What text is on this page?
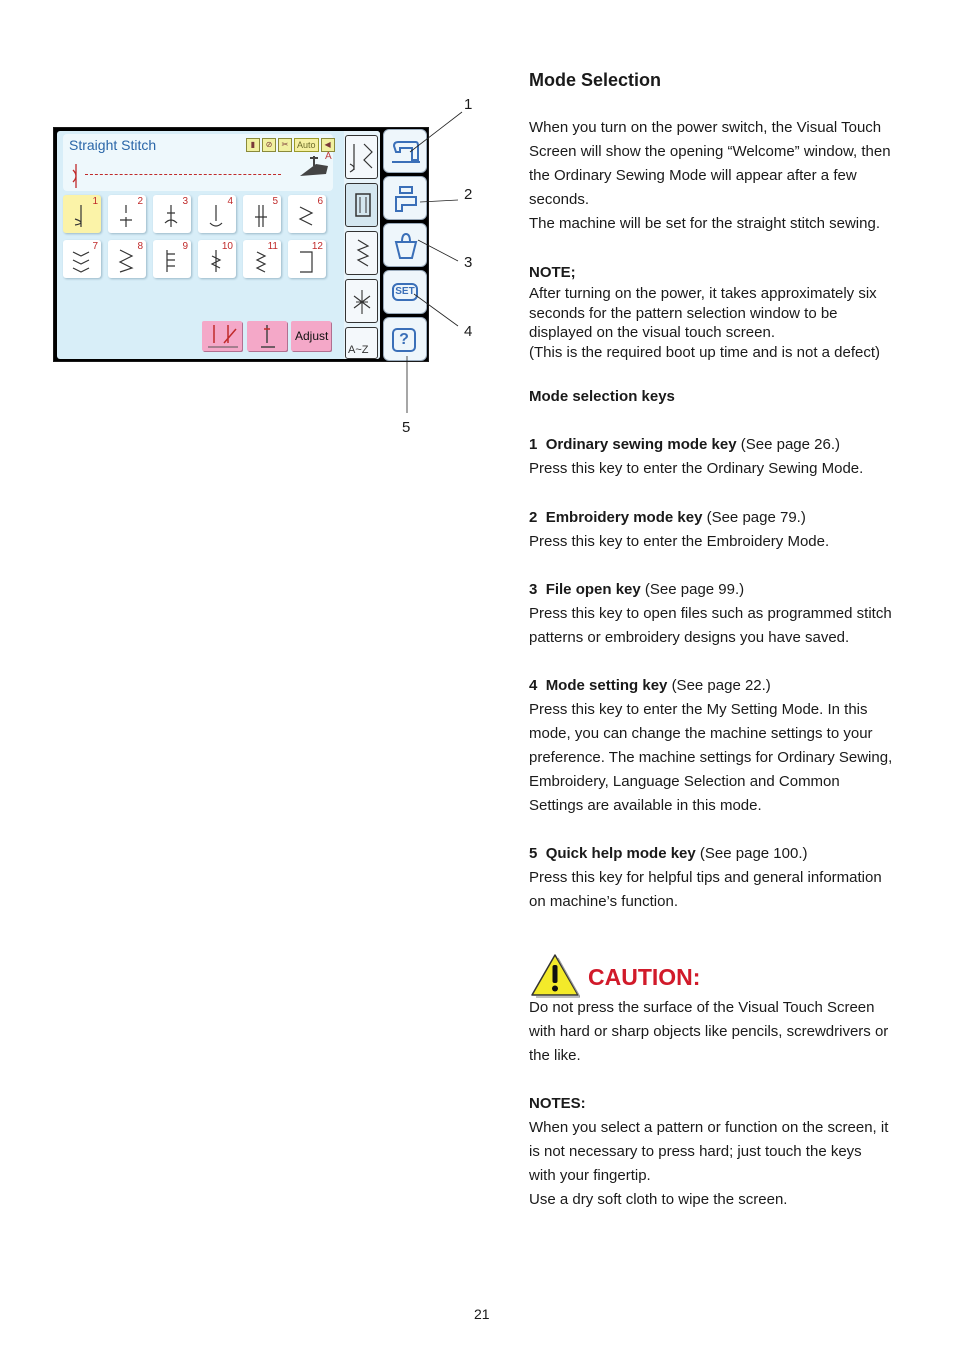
Straight Stitch	▮	⊘	✂ Auto	◀
A
1	2	3	4	5	6
7	8	9	10	11	12
Adjust
A~Z
SET
?
1
2
3
4
5
Mode Selection
When you turn on the power switch, the Visual Touch
Screen will show the opening “Welcome” window, then
the Ordinary Sewing Mode will appear after a few
seconds.
The machine will be set for the straight stitch sewing.
NOTE;
After turning on the power, it takes approximately six
seconds for the pattern selection window to be
displayed on the visual touch screen.
(This is the required boot up time and is not a defect)
Mode selection keys
1 Ordinary sewing mode key (See page 26.)
Press this key to enter the Ordinary Sewing Mode.
2 Embroidery mode key (See page 79.)
Press this key to enter the Embroidery Mode.
3 File open key (See page 99.)
Press this key to open files such as programmed stitch
patterns or embroidery designs you have saved.
4 Mode setting key (See page 22.)
Press this key to enter the My Setting Mode. In this
mode, you can change the machine settings to your
preference. The machine settings for Ordinary Sewing,
Embroidery, Language Selection and Common
Settings are available in this mode.
5 Quick help mode key (See page 100.)
Press this key for helpful tips and general information
on machine’s function.
CAUTION:
Do not press the surface of the Visual Touch Screen
with hard or sharp objects like pencils, screwdrivers or
the like.
NOTES:
When you select a pattern or function on the screen, it
is not necessary to press hard; just touch the keys
with your fingertip.
Use a dry soft cloth to wipe the screen.
21
